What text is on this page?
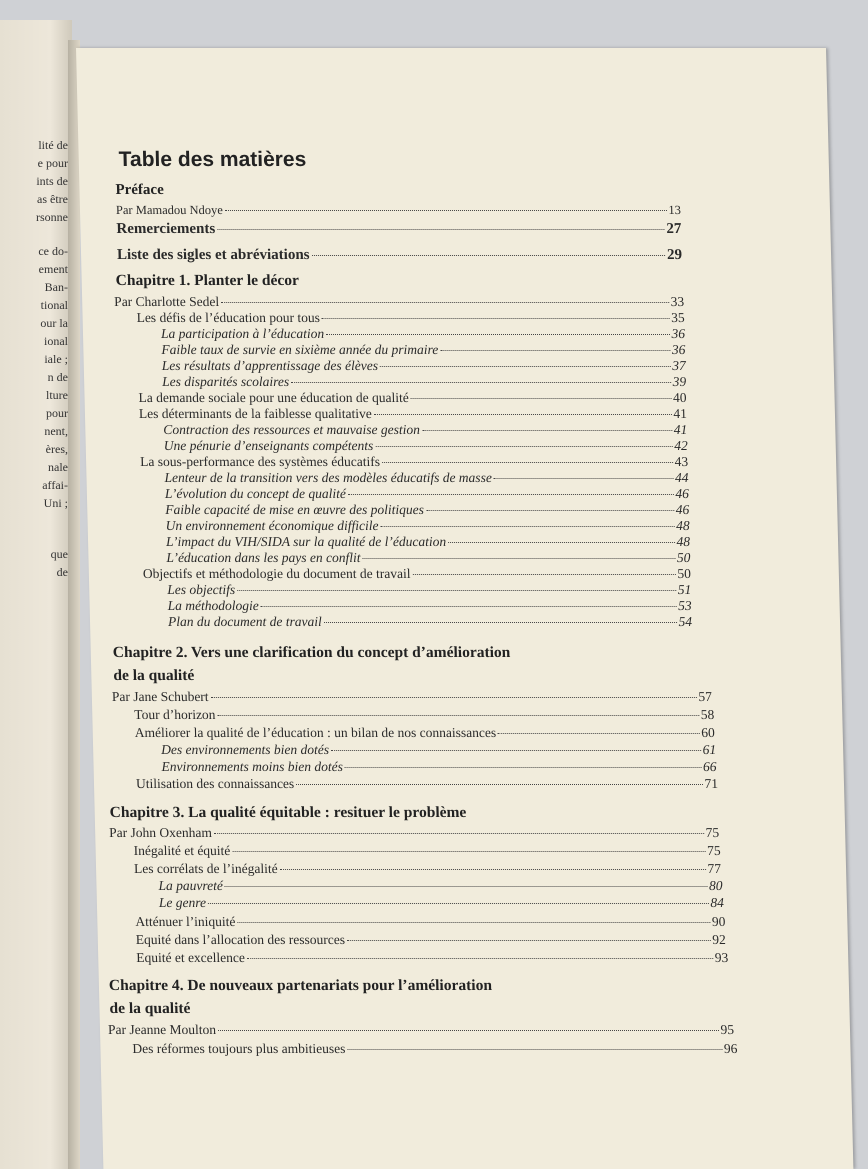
lité de
e pour
ints de
as être
rsonne
ce do-
ement
Ban-
tional
our la
ional
iale ;
n de
lture
pour
nent,
ères,
nale
affai-
Uni ;
que
de
Table des matières
Préface
Par Mamadou Ndoye	13
Remerciements	27
Liste des sigles et abréviations	29
Chapitre 1. Planter le décor
Par Charlotte Sedel	33
Les défis de l’éducation pour tous	35
La participation à l’éducation	36
Faible taux de survie en sixième année du primaire	36
Les résultats d’apprentissage des élèves	37
Les disparités scolaires	39
La demande sociale pour une éducation de qualité	40
Les déterminants de la faiblesse qualitative	41
Contraction des ressources et mauvaise gestion	41
Une pénurie d’enseignants compétents	42
La sous-performance des systèmes éducatifs	43
Lenteur de la transition vers des modèles éducatifs de masse	44
L’évolution du concept de qualité	46
Faible capacité de mise en œuvre des politiques	46
Un environnement économique difficile	48
L’impact du VIH/SIDA sur la qualité de l’éducation	48
L’éducation dans les pays en conflit	50
Objectifs et méthodologie du document de travail	50
Les objectifs	51
La méthodologie	53
Plan du document de travail	54
Chapitre 2. Vers une clarification du concept d’amélioration
de la qualité
Par Jane Schubert	57
Tour d’horizon	58
Améliorer la qualité de l’éducation : un bilan de nos connaissances	60
Des environnements bien dotés	61
Environnements moins bien dotés	66
Utilisation des connaissances	71
Chapitre 3. La qualité équitable : resituer le problème
Par John Oxenham	75
Inégalité et équité	75
Les corrélats de l’inégalité	77
La pauvreté	80
Le genre	84
Atténuer l’iniquité	90
Equité dans l’allocation des ressources	92
Equité et excellence	93
Chapitre 4. De nouveaux partenariats pour l’amélioration
de la qualité
Par Jeanne Moulton	95
Des réformes toujours plus ambitieuses	96
